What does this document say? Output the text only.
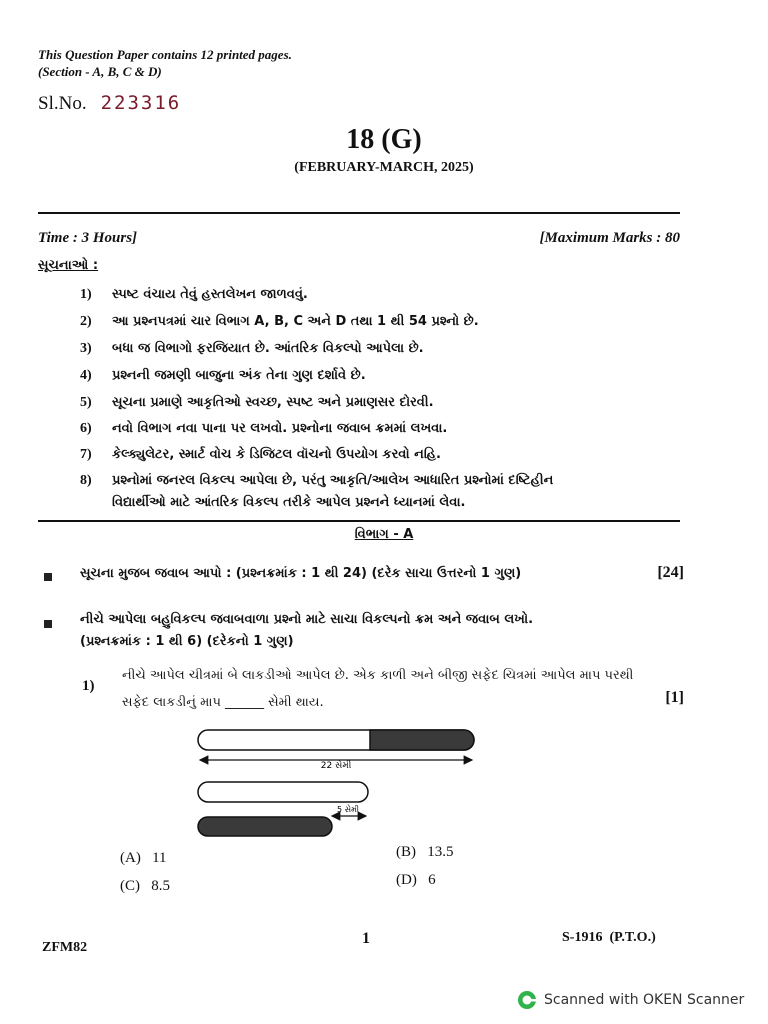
This Question Paper contains 12 printed pages.
(Section - A, B, C & D)
Sl.No. 223316
18 (G)
(FEBRUARY-MARCH, 2025)
Time : 3 Hours]	[Maximum Marks : 80
સૂચનાઓ :
1) સ્પષ્ટ વંચાય તેવું હસ્તલેખન જાળવવું.
2) આ પ્રશ્નપત્રમાં ચાર વિભાગ A, B, C અને D તથા 1 થી 54 પ્રશ્નો છે.
3) બધા જ વિભાગો ફરજિયાત છે. આંતરિક વિકલ્પો આપેલા છે.
4) પ્રશ્નની જમણી બાજુના અંક તેના ગુણ દર્શાવે છે.
5) સૂચના પ્રમાણે આકૃતિઓ સ્વચ્છ, સ્પષ્ટ અને પ્રમાણસર દોરવી.
6) નવો વિભાગ નવા પાના પર લખવો. પ્રશ્નોના જવાબ ક્રમમાં લખવા.
7) કેલ્ક્યુલેટર, સ્માર્ટ વોચ કે ડિજિટલ વૉચનો ઉપયોગ કરવો નહિ.
8) પ્રશ્નોમાં જનરલ વિકલ્પ આપેલા છે, પરંતુ આકૃતિ/આલેખ આધારિત પ્રશ્નોમાં દષ્ટિહીન
વિદ્યાર્થીઓ માટે આંતરિક વિકલ્પ તરીકે આપેલ પ્રશ્નને ધ્યાનમાં લેવા.
વિભાગ - A
સૂચના મુજબ જવાબ આપો : (પ્રશ્નક્રમાંક : 1 થી 24) (દરેક સાચા ઉત્તરનો 1 ગુણ)	[24]
નીચે આપેલા બહુવિકલ્પ જવાબવાળા પ્રશ્નો માટે સાચા વિકલ્પનો ક્રમ અને જવાબ લખો.
(પ્રશ્નક્રમાંક : 1 થી 6) (દરેકનો 1 ગુણ)
1)
નીચે આપેલ ચીત્રમાં બે લાકડીઓ આપેલ છે. એક કાળી અને બીજી સફેદ ચિત્રમાં આપેલ માપ પરથી
સફેદ લાકડીનું માપ ______ સેમી થાય.	[1]
22 સેમી
5 સેમી
(A) 11	(B) 13.5
(C) 8.5	(D) 6
ZFM82
1	S-1916 (P.T.O.)
Scanned with OKEN Scanner
